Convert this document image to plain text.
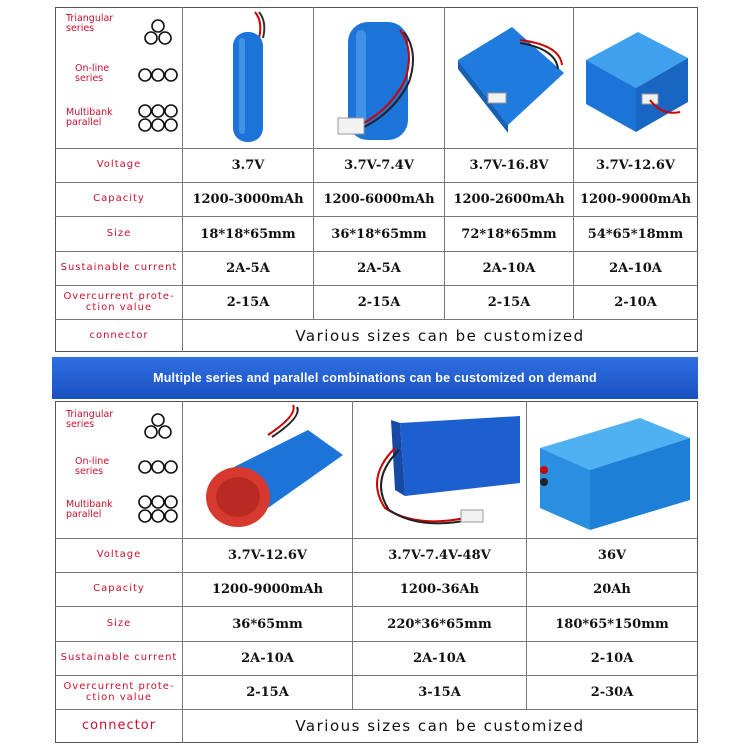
Triangular
series
On-line
series
Multibank
parallel
Voltage
Capacity
Size
Sustainable current
Overcurrent prote-
ction value
connector
3.7V
1200-3000mAh
18*18*65mm
2A-5A
2-15A
3.7V-7.4V
1200-6000mAh
36*18*65mm
2A-5A
2-15A
3.7V-16.8V
1200-2600mAh
72*18*65mm
2A-10A
2-15A
3.7V-12.6V
1200-9000mAh
54*65*18mm
2A-10A
2-10A
Various sizes can be customized
Multiple series and parallel combinations can be customized on demand
Triangular
series
On-line
series
Multibank
parallel
Voltage
Capacity
Size
Sustainable current
Overcurrent prote-
ction value
connector
3.7V-12.6V
1200-9000mAh
36*65mm
2A-10A
2-15A
3.7V-7.4V-48V
1200-36Ah
220*36*65mm
2A-10A
3-15A
36V
20Ah
180*65*150mm
2-10A
2-30A
Various sizes can be customized
